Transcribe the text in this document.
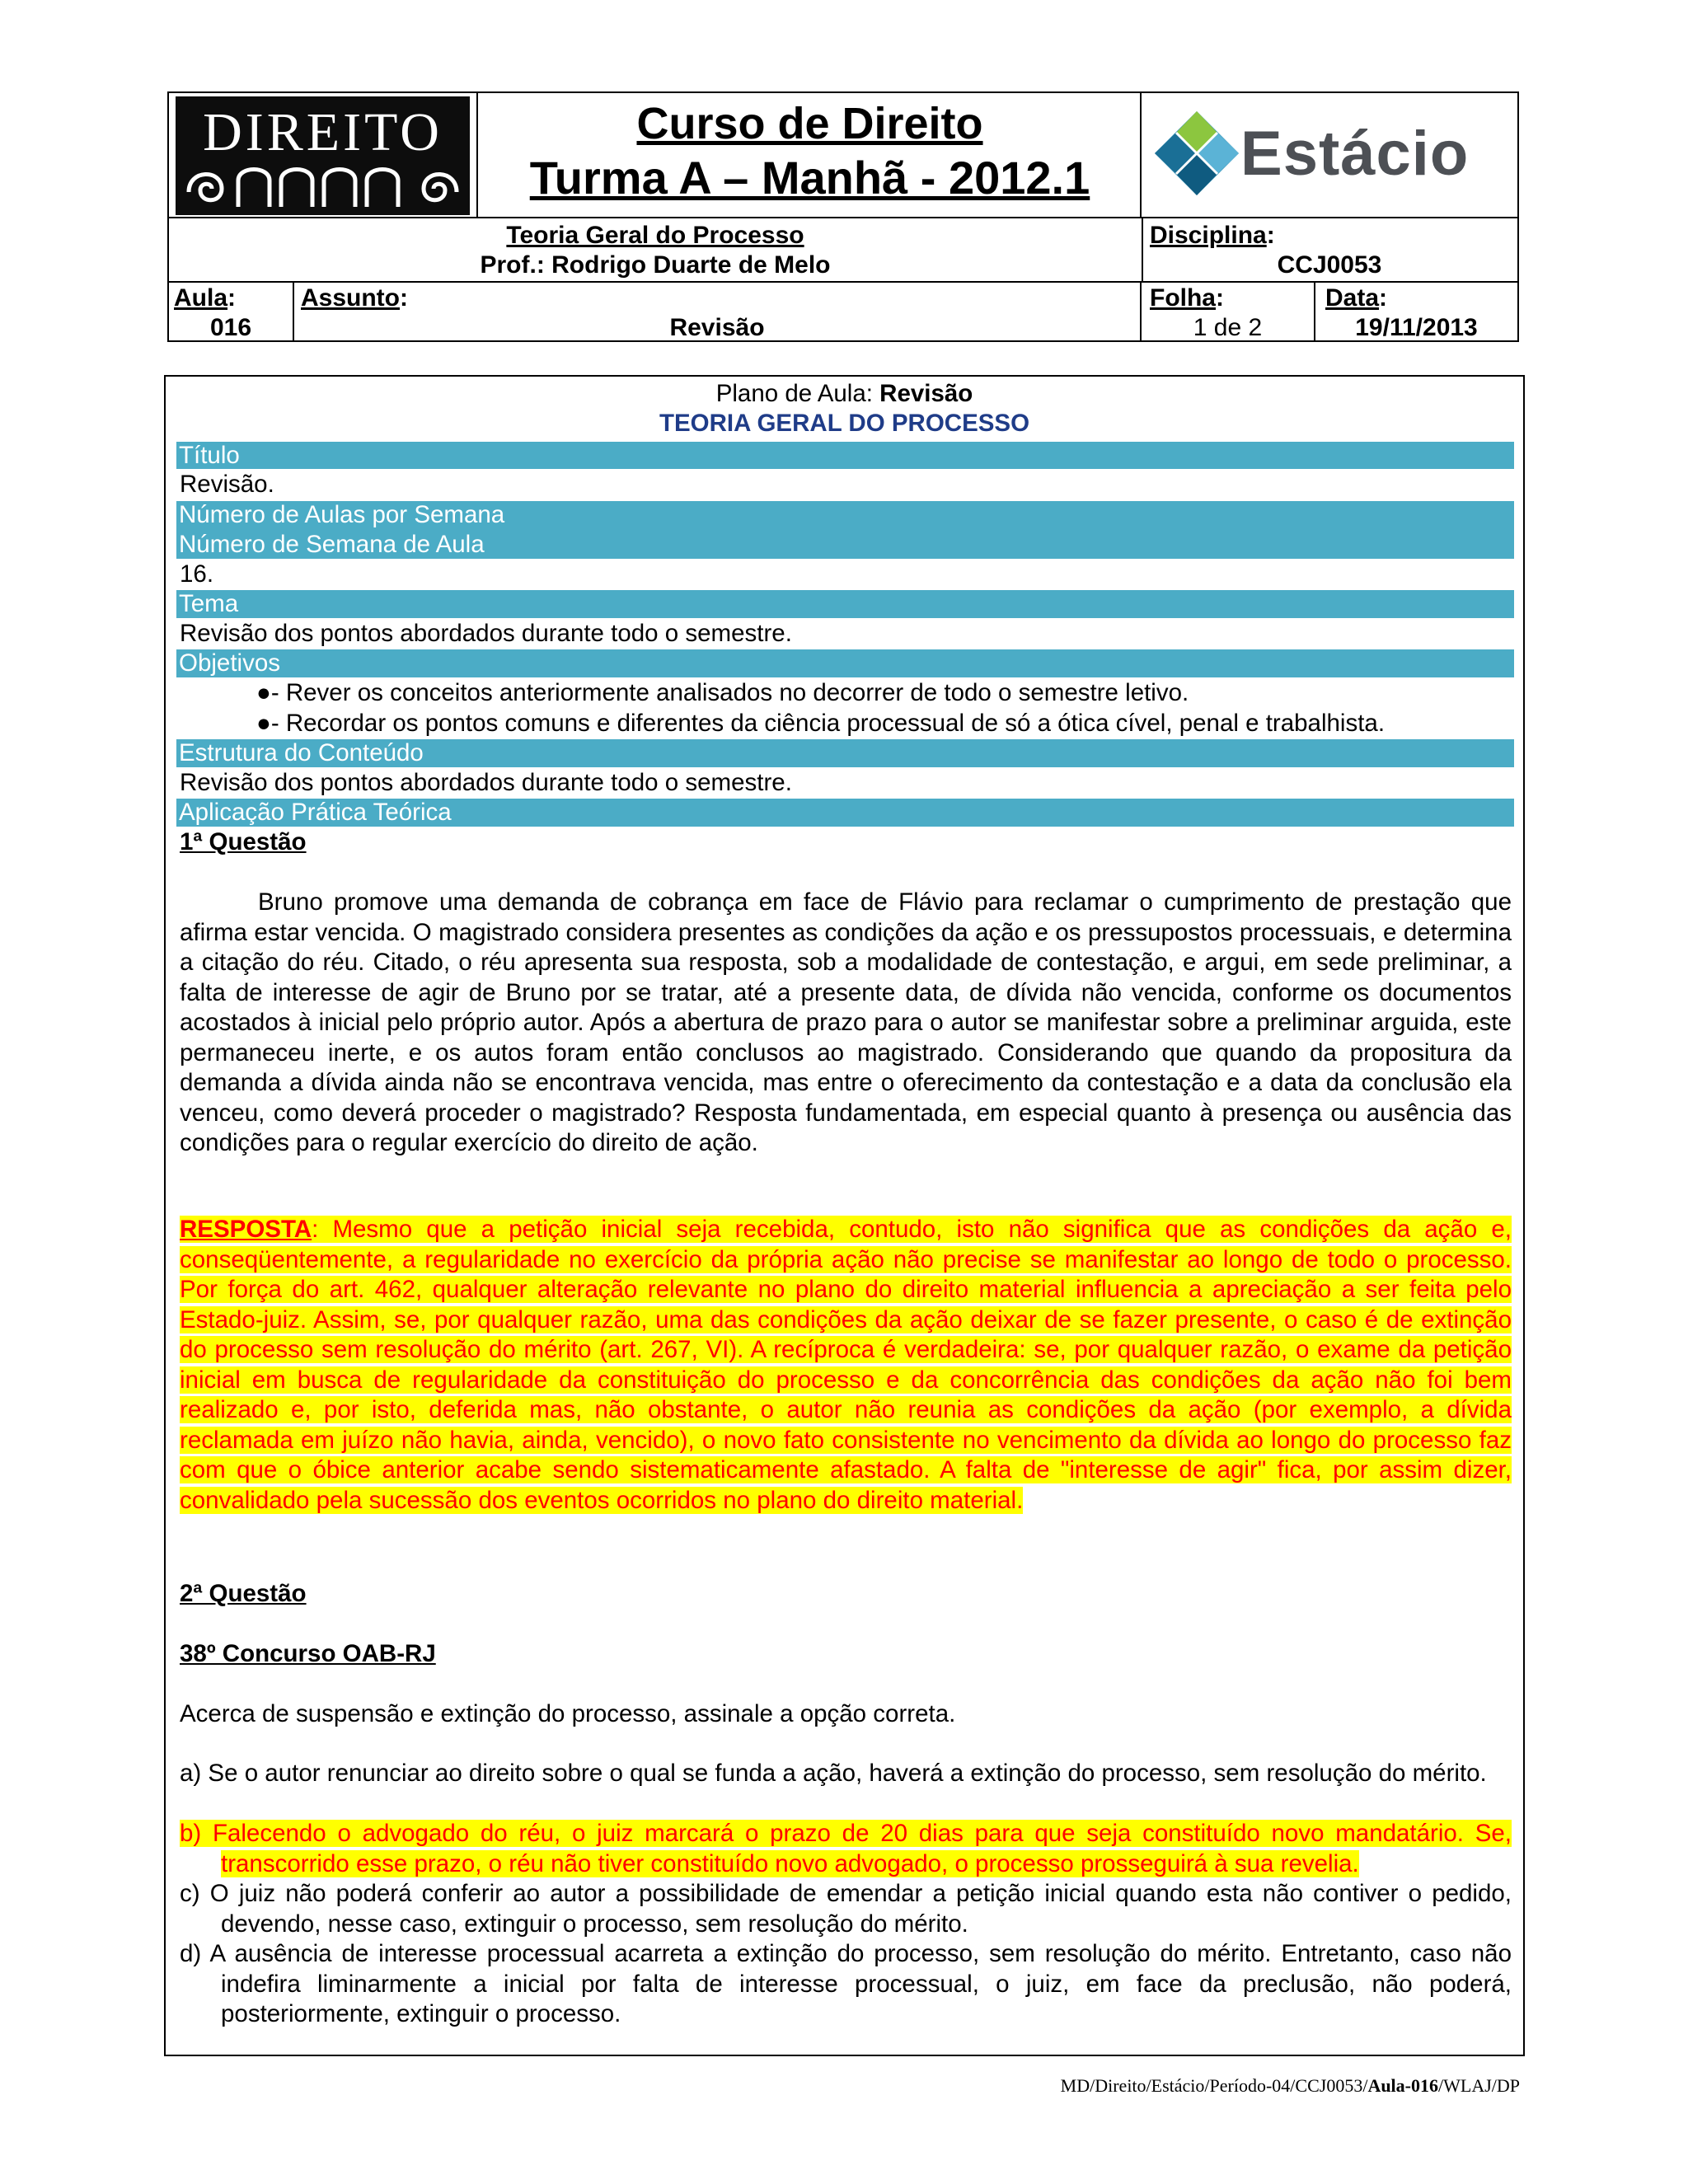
DIREITO	Curso de Direito
Turma A – Manhã - 2012.1	Estácio
Teoria Geral do Processo
Prof.: Rodrigo Duarte de Melo
Disciplina:
CCJ0053
Aula:
016
Assunto:
Revisão
Folha:
1 de 2
Data:
19/11/2013
Plano de Aula: Revisão
TEORIA GERAL DO PROCESSO
Título
Revisão.
Número de Aulas por Semana
Número de Semana de Aula
16.
Tema
Revisão dos pontos abordados durante todo o semestre.
Objetivos
●- Rever os conceitos anteriormente analisados no decorrer de todo o semestre letivo.
●- Recordar os pontos comuns e diferentes da ciência processual de só a ótica cível, penal e trabalhista.
Estrutura do Conteúdo
Revisão dos pontos abordados durante todo o semestre.
Aplicação Prática Teórica
1ª Questão

Bruno promove uma demanda de cobrança em face de Flávio para reclamar o cumprimento de prestação que afirma estar vencida. O magistrado considera presentes as condições da ação e os pressupostos processuais, e determina a citação do réu. Citado, o réu apresenta sua resposta, sob a modalidade de contestação, e argui, em sede preliminar, a falta de interesse de agir de Bruno por se tratar, até a presente data, de dívida não vencida, conforme os documentos acostados à inicial pelo próprio autor. Após a abertura de prazo para o autor se manifestar sobre a preliminar arguida, este permaneceu inerte, e os autos foram então conclusos ao magistrado. Considerando que quando da propositura da demanda a dívida ainda não se encontrava vencida, mas entre o oferecimento da contestação e a data da conclusão ela venceu, como deverá proceder o magistrado? Resposta fundamentada, em especial quanto à presença ou ausência das condições para o regular exercício do direito de ação.

RESPOSTA: Mesmo que a petição inicial seja recebida, contudo, isto não significa que as condições da ação e, conseqüentemente, a regularidade no exercício da própria ação não precise se manifestar ao longo de todo o processo. Por força do art. 462, qualquer alteração relevante no plano do direito material influencia a apreciação a ser feita pelo Estado-juiz. Assim, se, por qualquer razão, uma das condições da ação deixar de se fazer presente, o caso é de extinção do processo sem resolução do mérito (art. 267, VI). A recíproca é verdadeira: se, por qualquer razão, o exame da petição inicial em busca de regularidade da constituição do processo e da concorrência das condições da ação não foi bem realizado e, por isto, deferida mas, não obstante, o autor não reunia as condições da ação (por exemplo, a dívida reclamada em juízo não havia, ainda, vencido), o novo fato consistente no vencimento da dívida ao longo do processo faz com que o óbice anterior acabe sendo sistematicamente afastado. A falta de "interesse de agir" fica, por assim dizer, convalidado pela sucessão dos eventos ocorridos no plano do direito material.

2ª Questão
38º Concurso OAB-RJ
Acerca de suspensão e extinção do processo, assinale a opção correta.

a) Se o autor renunciar ao direito sobre o qual se funda a ação, haverá a extinção do processo, sem resolução do mérito.

b) Falecendo o advogado do réu, o juiz marcará o prazo de 20 dias para que seja constituído novo mandatário. Se, transcorrido esse prazo, o réu não tiver constituído novo advogado, o processo prosseguirá à sua revelia.

c) O juiz não poderá conferir ao autor a possibilidade de emendar a petição inicial quando esta não contiver o pedido, devendo, nesse caso, extinguir o processo, sem resolução do mérito.

d) A ausência de interesse processual acarreta a extinção do processo, sem resolução do mérito. Entretanto, caso não indefira liminarmente a inicial por falta de interesse processual, o juiz, em face da preclusão, não poderá, posteriormente, extinguir o processo.

MD/Direito/Estácio/Período-04/CCJ0053/Aula-016/WLAJ/DP
